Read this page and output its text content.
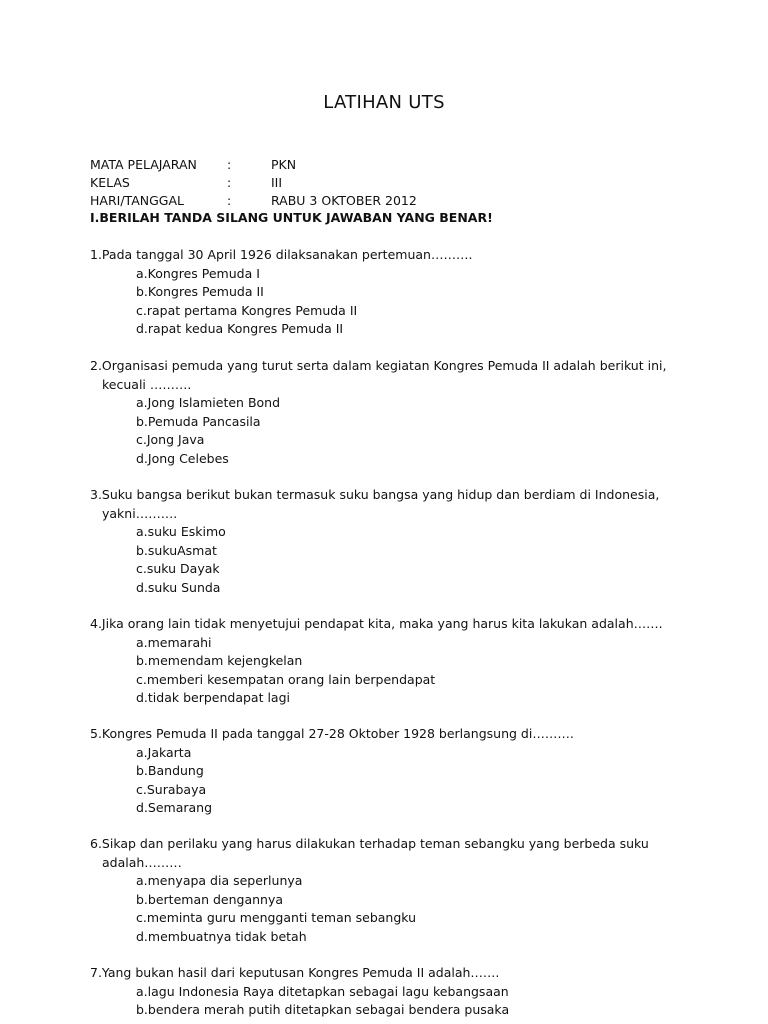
LATIHAN UTS
MATA PELAJARAN :	PKN
KELAS	:	III
HARI/TANGGAL	:	RABU 3 OKTOBER 2012
I.BERILAH TANDA SILANG UNTUK JAWABAN YANG BENAR!
1.Pada tanggal 30 April 1926 dilaksanakan pertemuan……….
a.Kongres Pemuda I
b.Kongres Pemuda II
c.rapat pertama Kongres Pemuda II
d.rapat kedua Kongres Pemuda II
2.Organisasi pemuda yang turut serta dalam kegiatan Kongres Pemuda II adalah berikut ini,
kecuali ……….
a.Jong Islamieten Bond
b.Pemuda Pancasila
c.Jong Java
d.Jong Celebes
3.Suku bangsa berikut bukan termasuk suku bangsa yang hidup dan berdiam di Indonesia,
yakni……….
a.suku Eskimo
b.sukuAsmat
c.suku Dayak
d.suku Sunda
4.Jika orang lain tidak menyetujui pendapat kita, maka yang harus kita lakukan adalah…….
a.memarahi
b.memendam kejengkelan
c.memberi kesempatan orang lain berpendapat
d.tidak berpendapat lagi
5.Kongres Pemuda II pada tanggal 27-28 Oktober 1928 berlangsung di……….
a.Jakarta
b.Bandung
c.Surabaya
d.Semarang
6.Sikap dan perilaku yang harus dilakukan terhadap teman sebangku yang berbeda suku
adalah………
a.menyapa dia seperlunya
b.berteman dengannya
c.meminta guru mengganti teman sebangku
d.membuatnya tidak betah
7.Yang bukan hasil dari keputusan Kongres Pemuda II adalah…….
a.lagu Indonesia Raya ditetapkan sebagai lagu kebangsaan
b.bendera merah putih ditetapkan sebagai bendera pusaka
